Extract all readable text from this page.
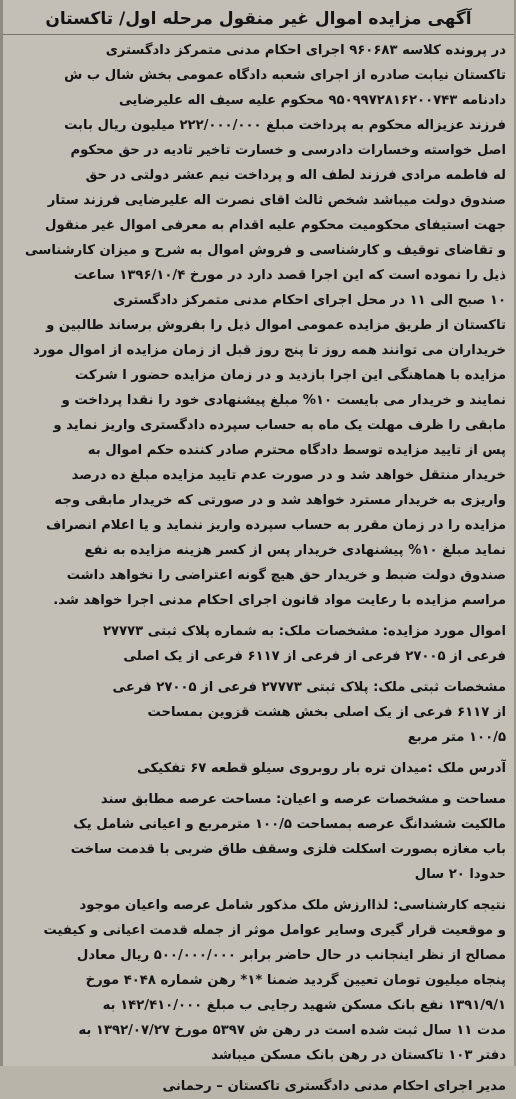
آگهی مزایده اموال غیر منقول مرحله اول/ تاکستان
در پرونده کلاسه ۹۶۰۶۸۳ اجرای احکام مدنی متمرکز دادگستری
تاکستان نیابت صادره از اجرای شعبه دادگاه عمومی بخش شال ب ش
دادنامه ۹۵۰۹۹۷۲۸۱۶۲۰۰۷۴۳ محکوم علیه سیف اله علیرضایی
فرزند عزیزاله محکوم به پرداخت مبلغ ۲۲۲/۰۰۰/۰۰۰ میلیون ریال بابت
اصل خواسته وخسارات دادرسی و خسارت تاخیر تادیه در حق محکوم
له فاطمه مرادی فرزند لطف اله و پرداخت نیم عشر دولتی در حق
صندوق دولت میباشد شخص ثالث اقای نصرت اله علیرضایی فرزند ستار
جهت استیفای محکومیت محکوم علیه اقدام به معرفی اموال غیر منقول
و تقاضای توقیف و کارشناسی و فروش اموال به شرح و میزان کارشناسی
ذیل را نموده است که این اجرا قصد دارد در مورخ ۱۳۹۶/۱۰/۴ ساعت
۱۰ صبح الی ۱۱ در محل اجرای احکام مدنی متمرکز دادگستری
تاکستان از طریق مزایده عمومی اموال ذیل را بفروش برساند طالبین و
خریداران می توانند همه روز تا پنج روز قبل از زمان مزایده از اموال مورد
مزایده با هماهنگی این اجرا بازدید و در زمان مزایده حضور ا شرکت
نمایند و خریدار می بایست ۱۰% مبلغ پیشنهادی خود را نقدا پرداخت و
مابقی را ظرف مهلت یک ماه به حساب سپرده دادگستری واریز نماید و
پس از تایید مزایده توسط دادگاه محترم صادر کننده حکم اموال به
خریدار منتقل خواهد شد و در صورت عدم تایید مزایده مبلغ ده درصد
واریزی به خریدار مسترد خواهد شد و در صورتی که خریدار مابقی وجه
مزایده را در زمان مقرر به حساب سپرده واریز ننماید و یا اعلام انصراف
نماید مبلغ ۱۰% پیشنهادی خریدار پس از کسر هزینه مزایده به نفع
صندوق دولت ضبط و خریدار حق هیچ گونه اعتراضی را نخواهد داشت
مراسم مزایده با رعایت مواد قانون اجرای احکام مدنی اجرا خواهد شد.
اموال مورد مزایده: مشخصات ملک: به شماره پلاک ثبتی ۲۷۷۷۳
فرعی از ۲۷۰۰۵ فرعی از فرعی از ۶۱۱۷ فرعی از یک اصلی
مشخصات ثبتی ملک: پلاک ثبتی ۲۷۷۷۳ فرعی از ۲۷۰۰۵ فرعی
از ۶۱۱۷ فرعی از یک اصلی بخش هشت قزوین بمساحت
۱۰۰/۵ متر مربع
آدرس ملک :میدان تره بار روبروی سیلو قطعه ۶۷ تفکیکی
مساحت و مشخصات عرصه و اعیان: مساحت عرصه مطابق سند
مالکیت ششدانگ عرصه بمساحت ۱۰۰/۵ مترمربع و اعیانی شامل یک
باب مغازه بصورت اسکلت فلزی وسقف طاق ضربی با قدمت ساخت
حدودا ۲۰ سال
نتیجه کارشناسی: لذاارزش ملک مذکور شامل عرصه واعیان موجود
و موقعیت قرار گیری وسایر عوامل موثر از جمله قدمت اعیانی و کیفیت
مصالح از نظر اینجانب در حال حاضر برابر ۵۰۰/۰۰۰/۰۰۰ ریال معادل
پنجاه میلیون تومان تعیین گردید ضمنا *۱* رهن شماره ۴۰۴۸ مورخ
۱۳۹۱/۹/۱ نفع بانک مسکن شهید رجایی ب مبلغ ۱۴۲/۴۱۰/۰۰۰ به
مدت ۱۱ سال ثبت شده است در رهن ش ۵۳۹۷ مورخ ۱۳۹۲/۰۷/۲۷ به
دفتر ۱۰۳ تاکستان در رهن بانک مسکن میباشد
مدیر اجرای احکام مدنی دادگستری تاکستان – رحمانی
